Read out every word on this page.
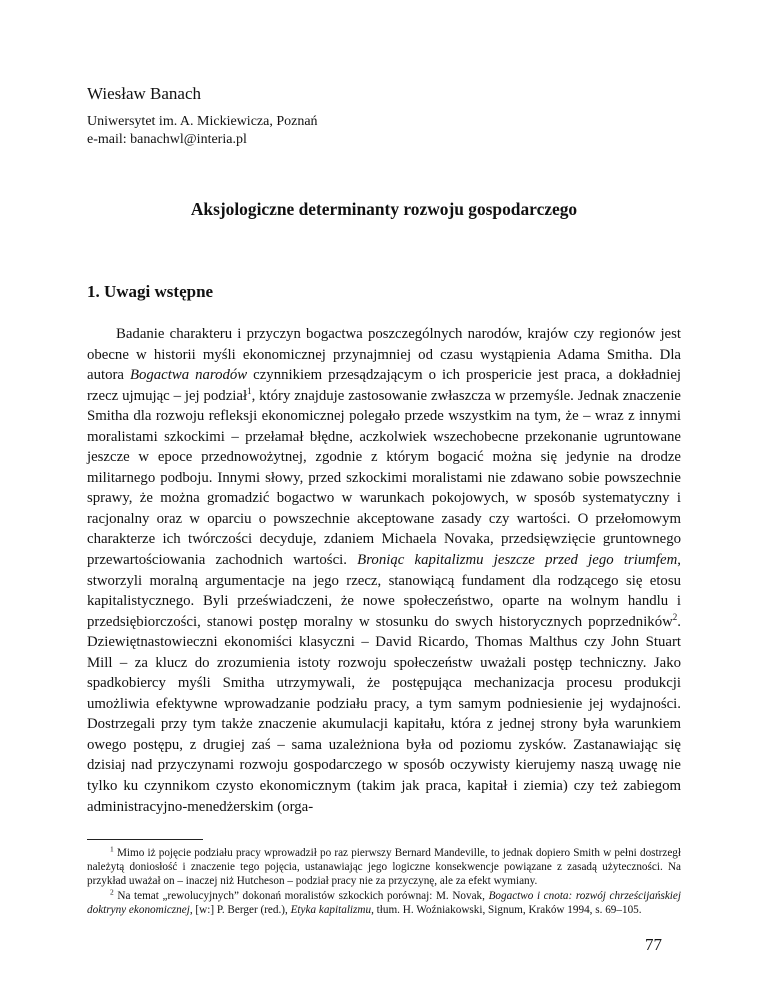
Wiesław Banach
Uniwersytet im. A. Mickiewicza, Poznań
e-mail: banachwl@interia.pl
Aksjologiczne determinanty rozwoju gospodarczego
1. Uwagi wstępne

Badanie charakteru i przyczyn bogactwa poszczególnych narodów, krajów czy regionów jest obecne w historii myśli ekonomicznej przynajmniej od czasu wystąpienia Adama Smitha. Dla autora Bogactwa narodów czynnikiem przesądzającym o ich prospericie jest praca, a dokładniej rzecz ujmując – jej podział$^1$, który znajduje zastosowanie zwłaszcza w przemyśle. Jednak znaczenie Smitha dla rozwoju refleksji ekonomicznej polegało przede wszystkim na tym, że – wraz z innymi moralistami szkockimi – przełamał błędne, aczkolwiek wszechobecne przekonanie ugruntowane jeszcze w epoce przednowożytnej, zgodnie z którym bogacić można się jedynie na drodze militarnego podboju. Innymi słowy, przed szkockimi moralistami nie zdawano sobie powszechnie sprawy, że można gromadzić bogactwo w warunkach pokojowych, w sposób systematyczny i racjonalny oraz w oparciu o powszechnie akceptowane zasady czy wartości. O przełomowym charakterze ich twórczości decyduje, zdaniem Michaela Novaka, przedsięwzięcie gruntownego przewartościowania zachodnich wartości. Broniąc kapitalizmu jeszcze przed jego triumfem, stworzyli moralną argumentacje na jego rzecz, stanowiącą fundament dla rodzącego się etosu kapitalistycznego. Byli przeświadczeni, że nowe społeczeństwo, oparte na wolnym handlu i przedsiębiorczości, stanowi postęp moralny w stosunku do swych historycznych poprzedników$^2$. Dziewiętnastowieczni ekonomiści klasyczni – David Ricardo, Thomas Malthus czy John Stuart Mill – za klucz do zrozumienia istoty rozwoju społeczeństw uważali postęp techniczny. Jako spadkobiercy myśli Smitha utrzymywali, że postępująca mechanizacja procesu produkcji umożliwia efektywne wprowadzanie podziału pracy, a tym samym podniesienie jej wydajności. Dostrzegali przy tym także znaczenie akumulacji kapitału, która z jednej strony była warunkiem owego postępu, z drugiej zaś – sama uzależniona była od poziomu zysków. Zastanawiając się dzisiaj nad przyczynami rozwoju gospodarczego w sposób oczywisty kierujemy naszą uwagę nie tylko ku czynnikom czysto ekonomicznym (takim jak praca, kapitał i ziemia) czy też zabiegom administracyjno-menedżerskim (orga-

$^1$ Mimo iż pojęcie podziału pracy wprowadził po raz pierwszy Bernard Mandeville, to jednak dopiero Smith w pełni dostrzegł należytą doniosłość i znaczenie tego pojęcia, ustanawiając jego logiczne konsekwencje powiązane z zasadą użyteczności. Na przykład uważał on – inaczej niż Hutcheson – podział pracy nie za przyczynę, ale za efekt wymiany.

$^2$ Na temat „rewolucyjnych” dokonań moralistów szkockich porównaj: M. Novak, Bogactwo i cnota: rozwój chrześcijańskiej doktryny ekonomicznej, [w:] P. Berger (red.), Etyka kapitalizmu, tłum. H. Woźniakowski, Signum, Kraków 1994, s. 69–105.

77
